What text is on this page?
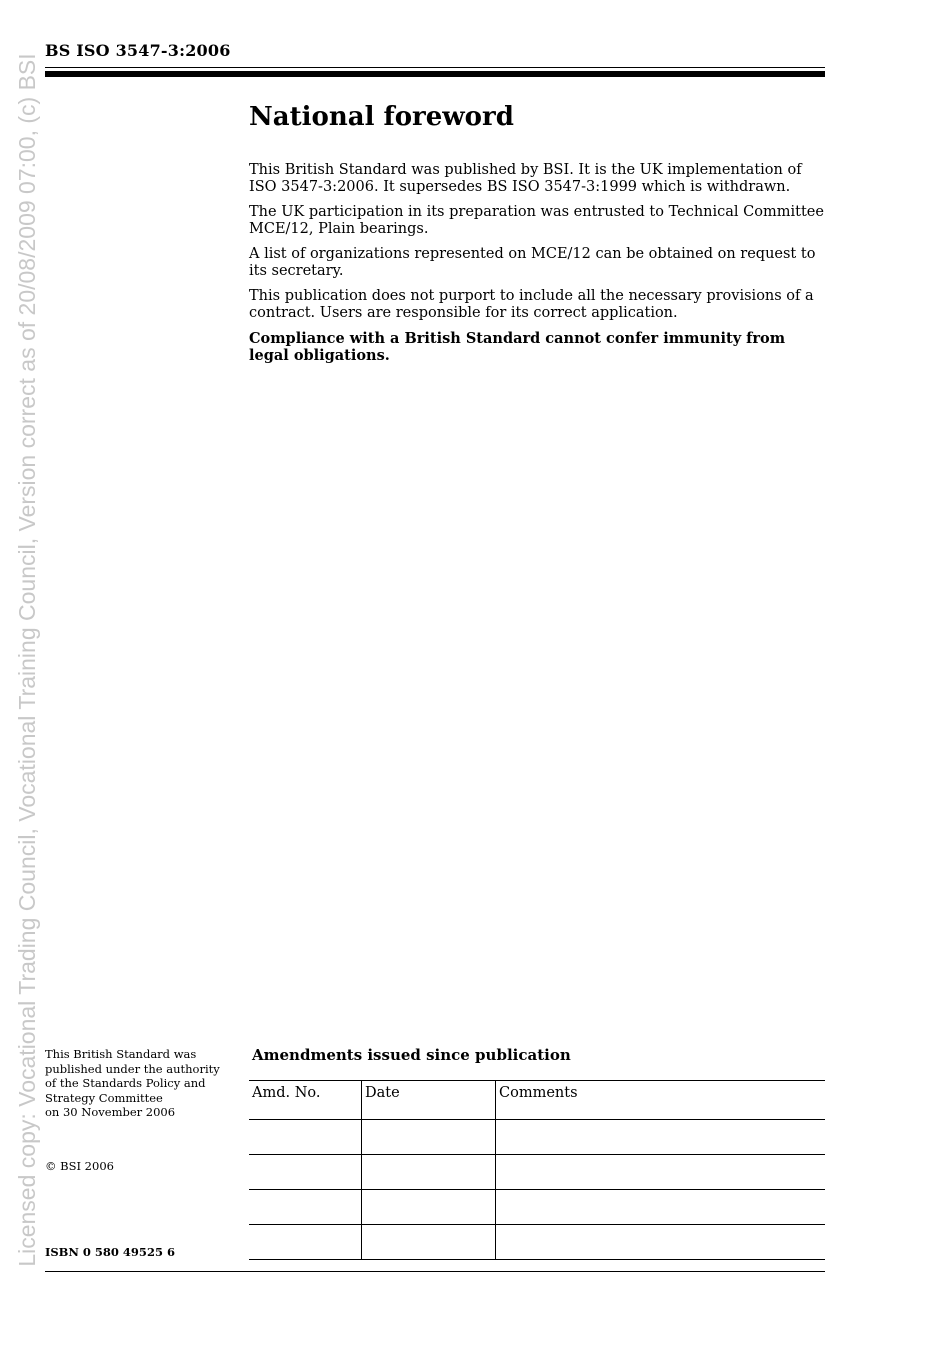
Licensed copy: Vocational Trading Council, Vocational Training Council, Version correct as of 20/08/2009 07:00, (c) BSI
BS ISO 3547-3:2006
National foreword

This British Standard was published by BSI. It is the UK implementation of ISO 3547-3:2006. It supersedes BS ISO 3547-3:1999 which is withdrawn.

The UK participation in its preparation was entrusted to Technical Committee MCE/12, Plain bearings.

A list of organizations represented on MCE/12 can be obtained on request to its secretary.

This publication does not purport to include all the necessary provisions of a contract. Users are responsible for its correct application.

Compliance with a British Standard cannot confer immunity from legal obligations.

This British Standard was
published under the authority
of the Standards Policy and
Strategy Committee
on 30 November 2006
© BSI 2006
ISBN 0 580 49525 6
Amendments issued since publication
Amd. No.	Date	Comments
